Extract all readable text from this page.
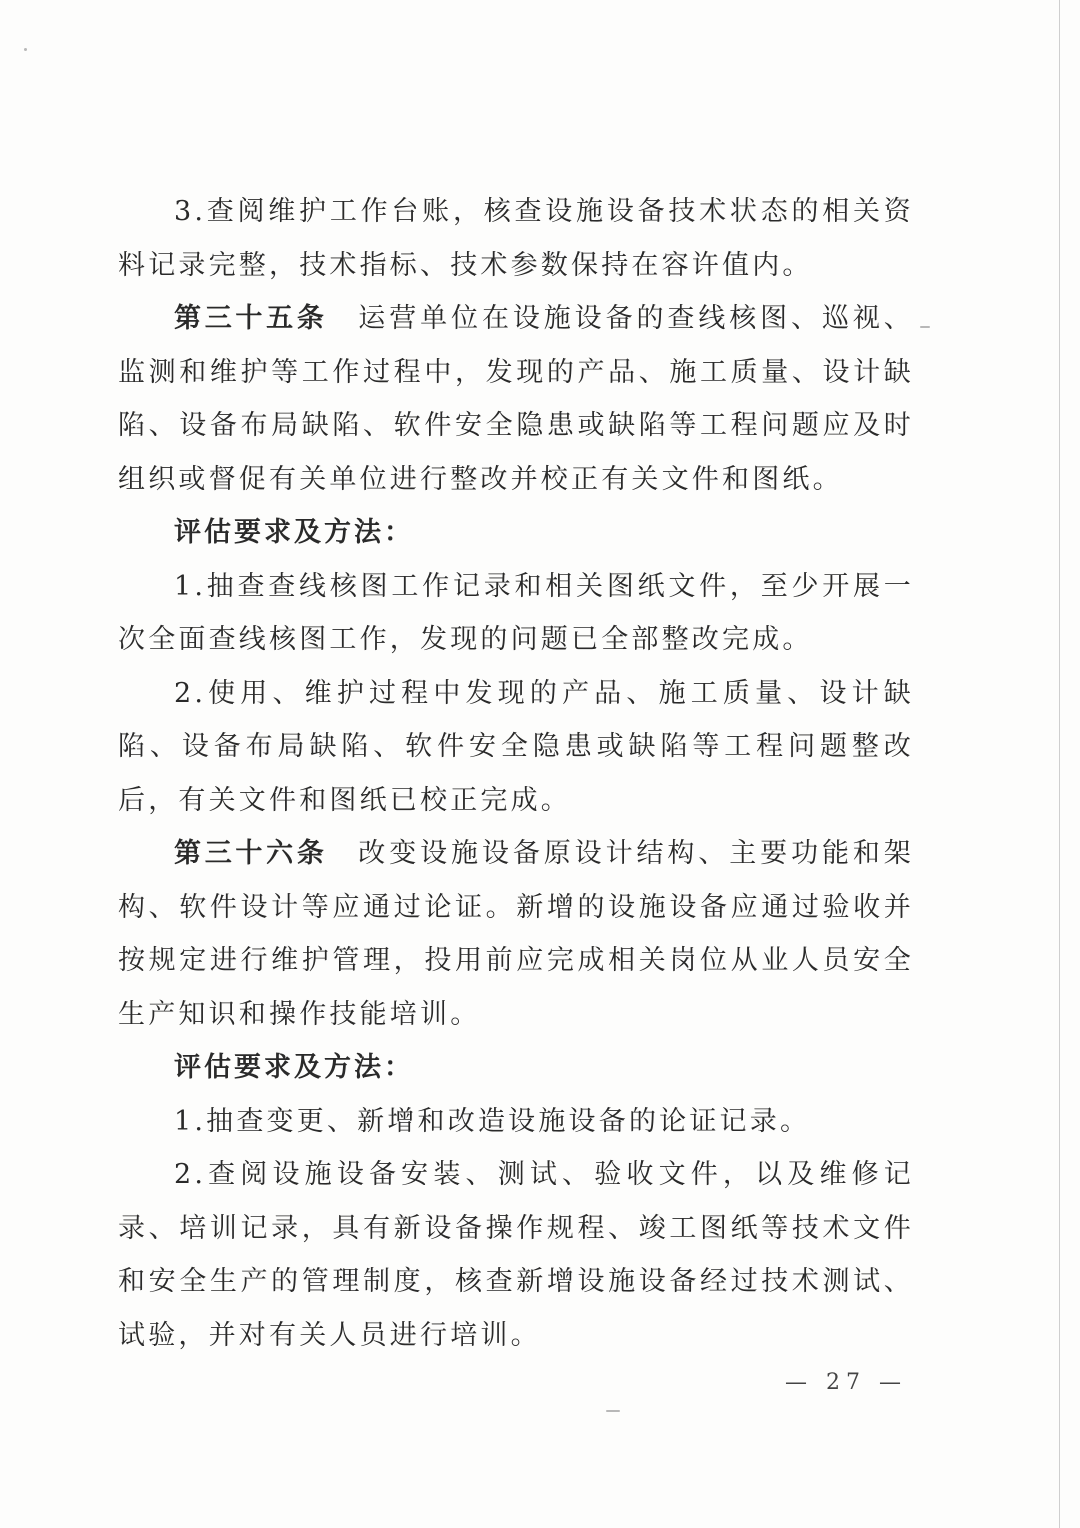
3.查阅维护工作台账，核查设施设备技术状态的相关资料记录完整，技术指标、技术参数保持在容许值内。

第三十五条 运营单位在设施设备的查线核图、巡视、监测和维护等工作过程中，发现的产品、施工质量、设计缺陷、设备布局缺陷、软件安全隐患或缺陷等工程问题应及时组织或督促有关单位进行整改并校正有关文件和图纸。

评估要求及方法：

1.抽查查线核图工作记录和相关图纸文件，至少开展一次全面查线核图工作，发现的问题已全部整改完成。

2.使用、维护过程中发现的产品、施工质量、设计缺陷、设备布局缺陷、软件安全隐患或缺陷等工程问题整改后，有关文件和图纸已校正完成。

第三十六条 改变设施设备原设计结构、主要功能和架构、软件设计等应通过论证。新增的设施设备应通过验收并按规定进行维护管理，投用前应完成相关岗位从业人员安全生产知识和操作技能培训。

评估要求及方法：

1.抽查变更、新增和改造设施设备的论证记录。

2.查阅设施设备安装、测试、验收文件，以及维修记录、培训记录，具有新设备操作规程、竣工图纸等技术文件和安全生产的管理制度，核查新增设施设备经过技术测试、试验，并对有关人员进行培训。

— 27 —
